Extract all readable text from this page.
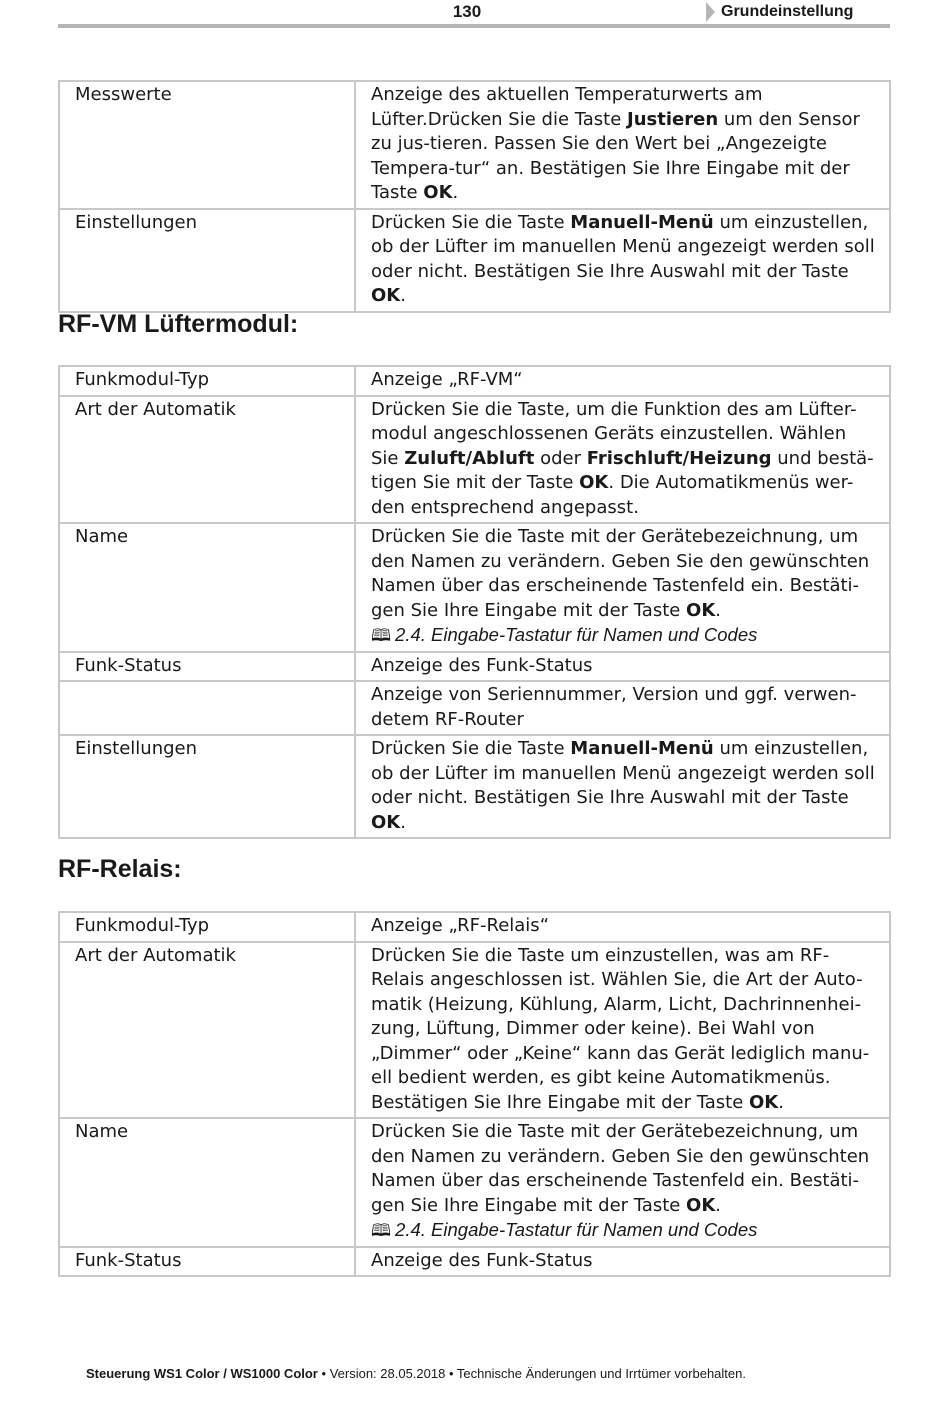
130	Grundeinstellung
Messwerte	Anzeige des aktuellen Temperaturwerts am Lüfter.Drücken Sie die Taste Justieren um den Sensor zu jus-tieren. Passen Sie den Wert bei „Angezeigte Tempera-tur“ an. Bestätigen Sie Ihre Eingabe mit der Taste OK.
Einstellungen	Drücken Sie die Taste Manuell-Menü um einzustellen, ob der Lüfter im manuellen Menü angezeigt werden soll oder nicht. Bestätigen Sie Ihre Auswahl mit der Taste OK.
RF-VM Lüftermodul:
Funkmodul-Typ	Anzeige „RF-VM“
Art der Automatik	Drücken Sie die Taste, um die Funktion des am Lüfter-modul angeschlossenen Geräts einzustellen. Wählen Sie Zuluft/Abluft oder Frischluft/Heizung und bestä-tigen Sie mit der Taste OK. Die Automatikmenüs wer-den entsprechend angepasst.
Name	Drücken Sie die Taste mit der Gerätebezeichnung, um den Namen zu verändern. Geben Sie den gewünschten Namen über das erscheinende Tastenfeld ein. Bestäti-gen Sie Ihre Eingabe mit der Taste OK.
🕮 2.4. Eingabe-Tastatur für Namen und Codes

Funk-Status	Anzeige des Funk-Status
	Anzeige von Seriennummer, Version und ggf. verwen-detem RF-Router
Einstellungen	Drücken Sie die Taste Manuell-Menü um einzustellen, ob der Lüfter im manuellen Menü angezeigt werden soll oder nicht. Bestätigen Sie Ihre Auswahl mit der Taste OK.
RF-Relais:
Funkmodul-Typ	Anzeige „RF-Relais“
Art der Automatik	Drücken Sie die Taste um einzustellen, was am RF-Relais angeschlossen ist. Wählen Sie, die Art der Auto-matik (Heizung, Kühlung, Alarm, Licht, Dachrinnenhei-zung, Lüftung, Dimmer oder keine). Bei Wahl von „Dimmer“ oder „Keine“ kann das Gerät lediglich manu-ell bedient werden, es gibt keine Automatikmenüs. Bestätigen Sie Ihre Eingabe mit der Taste OK.
Name	Drücken Sie die Taste mit der Gerätebezeichnung, um den Namen zu verändern. Geben Sie den gewünschten Namen über das erscheinende Tastenfeld ein. Bestäti-gen Sie Ihre Eingabe mit der Taste OK.
🕮 2.4. Eingabe-Tastatur für Namen und Codes

Funk-Status	Anzeige des Funk-Status
Steuerung WS1 Color / WS1000 Color • Version: 28.05.2018 • Technische Änderungen und Irrtümer vorbehalten.
